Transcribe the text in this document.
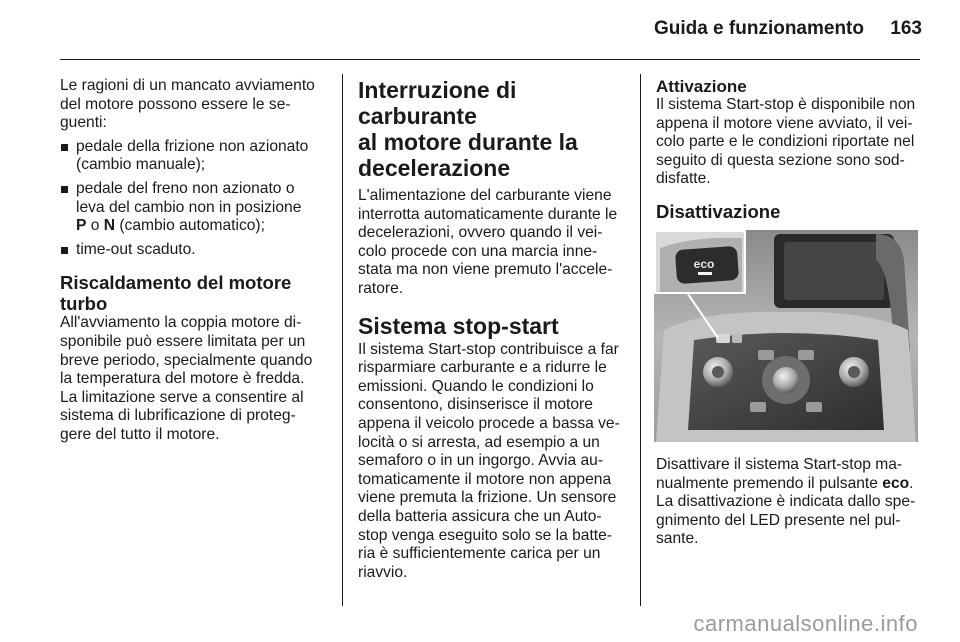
Guida e funzionamento	163

Le ragioni di un mancato avviamento
del motore possono essere le se-
guenti:

pedale della frizione non azionato
(cambio manuale);
pedale del freno non azionato o
leva del cambio non in posizione
P o N (cambio automatico);
time-out scaduto.
Riscaldamento del motore turbo

All'avviamento la coppia motore di-
sponibile può essere limitata per un
breve periodo, specialmente quando
la temperatura del motore è fredda.
La limitazione serve a consentire al
sistema di lubrificazione di proteg-
gere del tutto il motore.

Interruzione di carburante
al motore durante la
decelerazione

L'alimentazione del carburante viene
interrotta automaticamente durante le
decelerazioni, ovvero quando il vei-
colo procede con una marcia inne-
stata ma non viene premuto l'accele-
ratore.

Sistema stop-start

Il sistema Start-stop contribuisce a far
risparmiare carburante e a ridurre le
emissioni. Quando le condizioni lo
consentono, disinserisce il motore
appena il veicolo procede a bassa ve-
locità o si arresta, ad esempio a un
semaforo o in un ingorgo. Avvia au-
tomaticamente il motore non appena
viene premuta la frizione. Un sensore
della batteria assicura che un Auto-
stop venga eseguito solo se la batte-
ria è sufficientemente carica per un
riavvio.

Attivazione

Il sistema Start-stop è disponibile non
appena il motore viene avviato, il vei-
colo parte e le condizioni riportate nel
seguito di questa sezione sono sod-
disfatte.

Disattivazione
eco

Disattivare il sistema Start-stop ma-
nualmente premendo il pulsante eco.
La disattivazione è indicata dallo spe-
gnimento del LED presente nel pul-
sante.

carmanualsonline.info
